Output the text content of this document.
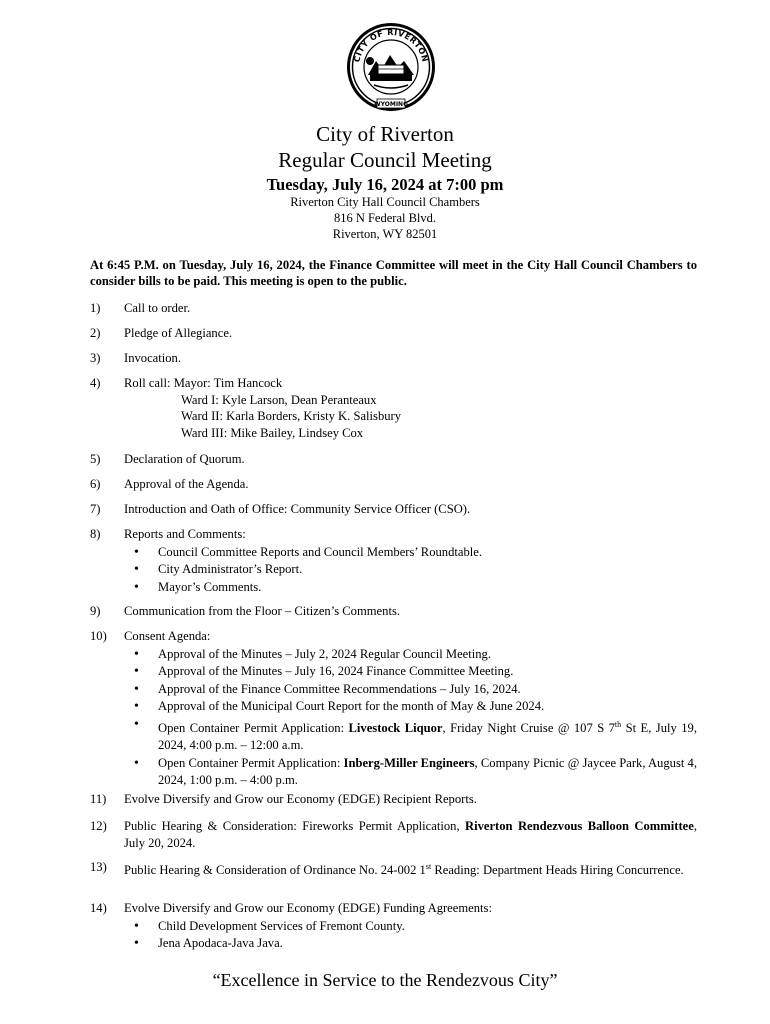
CITY OF RIVERTON
WYOMING
City of Riverton
Regular Council Meeting
Tuesday, July 16, 2024 at 7:00 pm
Riverton City Hall Council Chambers
816 N Federal Blvd.
Riverton, WY 82501
At 6:45 P.M. on Tuesday, July 16, 2024, the Finance Committee will meet in the City Hall Council Chambers to consider bills to be paid. This meeting is open to the public.
1)	Call to order.
2)	Pledge of Allegiance.
3)	Invocation.
4)	Roll call: Mayor: Tim Hancock
Ward I: Kyle Larson, Dean Peranteaux
Ward II: Karla Borders, Kristy K. Salisbury
Ward III: Mike Bailey, Lindsey Cox
5)	Declaration of Quorum.
6)	Approval of the Agenda.
7)	Introduction and Oath of Office: Community Service Officer (CSO).
8)	Reports and Comments:
• Council Committee Reports and Council Members’ Roundtable.
• City Administrator’s Report.
• Mayor’s Comments.
9)	Communication from the Floor – Citizen’s Comments.
10)	Consent Agenda:
• Approval of the Minutes – July 2, 2024 Regular Council Meeting.
• Approval of the Minutes – July 16, 2024 Finance Committee Meeting.
• Approval of the Finance Committee Recommendations – July 16, 2024.
• Approval of the Municipal Court Report for the month of May & June 2024.
• Open Container Permit Application: Livestock Liquor, Friday Night Cruise @ 107 S 7th St E, July 19, 2024, 4:00 p.m. – 12:00 a.m.
• Open Container Permit Application: Inberg-Miller Engineers, Company Picnic @ Jaycee Park, August 4, 2024, 1:00 p.m. – 4:00 p.m.
11)	Evolve Diversify and Grow our Economy (EDGE) Recipient Reports.
12)	Public Hearing & Consideration: Fireworks Permit Application, Riverton Rendezvous Balloon Committee, July 20, 2024.
13)	Public Hearing & Consideration of Ordinance No. 24-002 1st Reading: Department Heads Hiring Concurrence.
14)	Evolve Diversify and Grow our Economy (EDGE) Funding Agreements:
• Child Development Services of Fremont County.
• Jena Apodaca-Java Java.
“Excellence in Service to the Rendezvous City”
